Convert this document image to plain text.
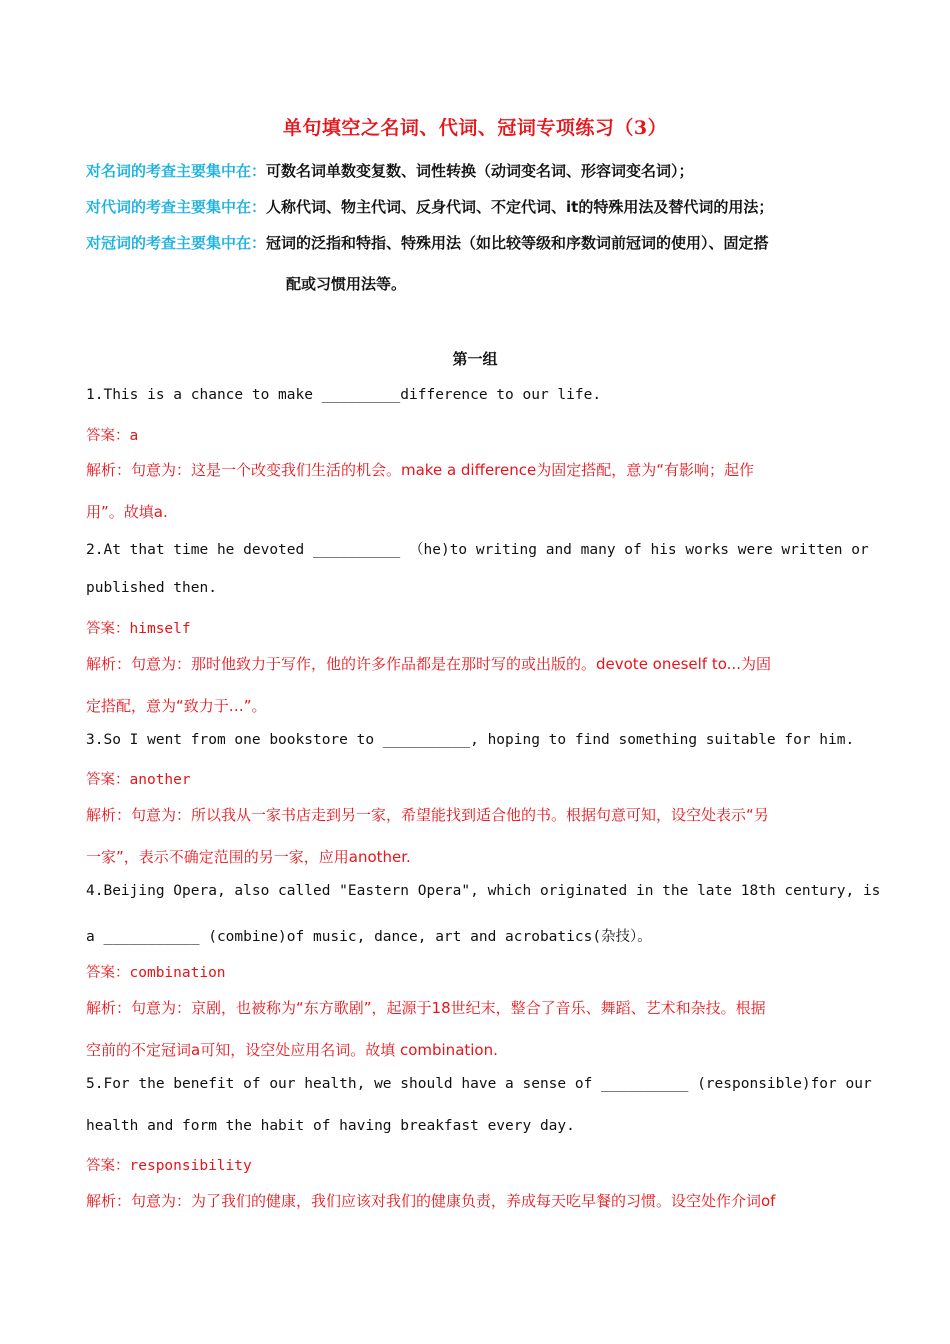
单句填空之名词、代词、冠词专项练习（3）
对名词的考查主要集中在：可数名词单数变复数、词性转换（动词变名词、形容词变名词）；
对代词的考查主要集中在：人称代词、物主代词、反身代词、不定代词、it的特殊用法及替代词的用法；
对冠词的考查主要集中在：冠词的泛指和特指、特殊用法（如比较等级和序数词前冠词的使用）、固定搭
配或习惯用法等。
第一组
1.This is a chance to make _________difference to our life.
答案：a
解析：句意为：这是一个改变我们生活的机会。make a difference为固定搭配，意为“有影响；起作
用”。故填a.
2.At that time he devoted __________ （he)to writing and many of his works were written or
published then.
答案：himself
解析：句意为：那时他致力于写作，他的许多作品都是在那时写的或出版的。devote oneself to...为固
定搭配，意为“致力于…”。
3.So I went from one bookstore to __________, hoping to find something suitable for him.
答案：another
解析：句意为：所以我从一家书店走到另一家，希望能找到适合他的书。根据句意可知，设空处表示“另
一家”，表示不确定范围的另一家，应用another.
4.Beijing Opera, also called "Eastern Opera", which originated in the late 18th century, is
a ___________ (combine)of music, dance, art and acrobatics(杂技）。
答案：combination
解析：句意为：京剧，也被称为“东方歌剧”，起源于18世纪末，整合了音乐、舞蹈、艺术和杂技。根据
空前的不定冠词a可知，设空处应用名词。故填 combination.
5.For the benefit of our health, we should have a sense of __________ (responsible)for our
health and form the habit of having breakfast every day.
答案：responsibility
解析：句意为：为了我们的健康，我们应该对我们的健康负责，养成每天吃早餐的习惯。设空处作介词of
